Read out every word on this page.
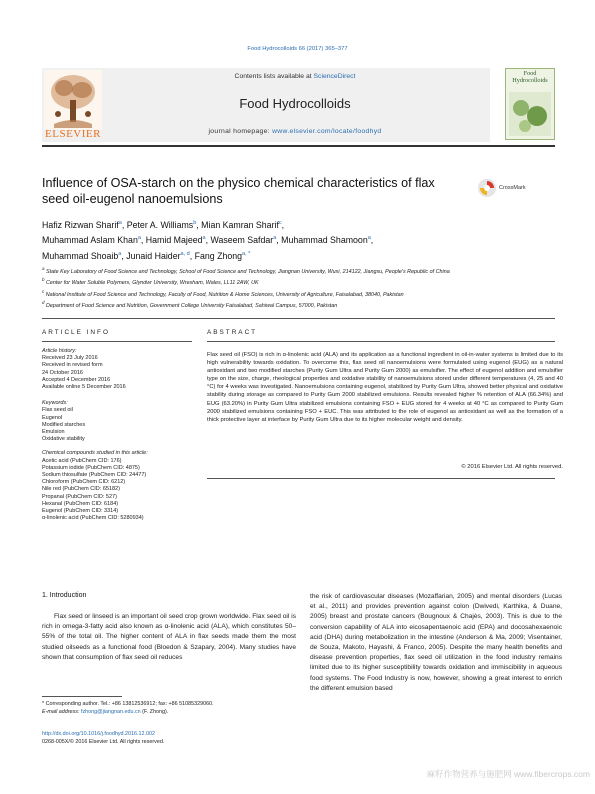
Food Hydrocolloids 66 (2017) 365–377
ELSEVIER
Contents lists available at ScienceDirect
Food Hydrocolloids
journal homepage: www.elsevier.com/locate/foodhyd
Food Hydrocolloids
Influence of OSA-starch on the physico chemical characteristics of flax seed oil-eugenol nanoemulsions
CrossMark
Hafiz Rizwan Sharif$^a$, Peter A. Williams$^b$, Mian Kamran Sharif$^c$,
Muhammad Aslam Khan$^a$, Hamid Majeed$^a$, Waseem Safdar$^a$, Muhammad Shamoon$^a$,
Muhammad Shoaib$^a$, Junaid Haider$^{a, d}$, Fang Zhong$^{a, *}$
$^a$ State Key Laboratory of Food Science and Technology, School of Food Science and Technology, Jiangnan University, Wuxi, 214122, Jiangsu, People's Republic of China
$^b$ Center for Water Soluble Polymers, Glyndwr University, Wrexham, Wales, LL11 2AW, UK
$^c$ National Institute of Food Science and Technology, Faculty of Food, Nutrition & Home Sciences, University of Agriculture, Faisalabad, 38040, Pakistan
$^d$ Department of Food Science and Nutrition, Government College University Faisalabad, Sahiwal Campus, 57000, Pakistan
ARTICLE INFO
Article history:
Received 23 July 2016
Received in revised form
24 October 2016
Accepted 4 December 2016
Available online 5 December 2016
Keywords:
Flax seed oil
Eugenol
Modified starches
Emulsion
Oxidative stability
Chemical compounds studied in this article:
Acetic acid (PubChem CID: 176)
Potassium iodide (PubChem CID: 4875)
Sodium thiosulfate (PubChem CID: 24477)
Chloroform (PubChem CID: 6212)
Nile red (PubChem CID: 65182)
Propanal (PubChem CID: 527)
Hexanal (PubChem CID: 6184)
Eugenol (PubChem CID: 3314)
α-linolenic acid (PubChem CID: 5280934)
ABSTRACT
Flax seed oil (FSO) is rich in α-linolenic acid (ALA) and its application as a functional ingredient in oil-in-water systems is limited due to its high vulnerability towards oxidation. To overcome this, flax seed oil nanoemulsions were formulated using eugenol (EUG) as a natural antioxidant and two modified starches (Purity Gum Ultra and Purity Gum 2000) as emulsifier. The effect of eugenol addition and emulsifier type on the size, charge, rheological properties and oxidative stability of nanoemulsions stored under different temperatures (4, 25 and 40 °C) for 4 weeks was investigated. Nanoemulsions containing eugenol, stabilized by Purity Gum Ultra, showed better physical and oxidative stability during storage as compared to Purity Gum 2000 stabilized emulsions. Results revealed higher % retention of ALA (66.34%) and EUG (63.20%) in Purity Gum Ultra stabilized emulsions containing FSO + EUG stored for 4 weeks at 40 °C as compared to Purity Gum 2000 stabilized emulsions containing FSO + EUC. This was attributed to the role of eugenol as antioxidant as well as the formation of a thick protective layer at interface by Purity Gum Ultra due to its higher molecular weight and density.
© 2016 Elsevier Ltd. All rights reserved.
1. Introduction
Flax seed or linseed is an important oil seed crop grown worldwide. Flax seed oil is rich in omega-3-fatty acid also known as α-linolenic acid (ALA), which constitutes 50–55% of the total oil. The higher content of ALA in flax seeds made them the most studied oilseeds as a functional food (Bloedon & Szapary, 2004). Many studies have shown that consumption of flax seed oil reduces
the risk of cardiovascular diseases (Mozaffarian, 2005) and mental disorders (Lucas et al., 2011) and provides prevention against colon (Dwivedi, Karthika, & Duane, 2005) breast and prostate cancers (Bougnoux & Chajès, 2003). This is due to the conversion capability of ALA into eicosapentaenoic acid (EPA) and docosahexaenoic acid (DHA) during metabolization in the intestine (Anderson & Ma, 2009; Visentainer, de Souza, Makoto, Hayashi, & Franco, 2005). Despite the many health benefits and disease prevention properties, flax seed oil utilization in the food industry remains limited due to its higher susceptibility towards oxidation and immiscibility in aqueous food systems. The Food Industry is now, however, showing a great interest to enrich the different emulsion based
* Corresponding author. Tel.: +86 13812536912; fax: +86 51085329060.
E-mail address: fzhong@jiangnan.edu.cn (F. Zhong).
http://dx.doi.org/10.1016/j.foodhyd.2016.12.002
0268-005X/© 2016 Elsevier Ltd. All rights reserved.
麻籽作物营养与施肥网 www.fibercrops.com
